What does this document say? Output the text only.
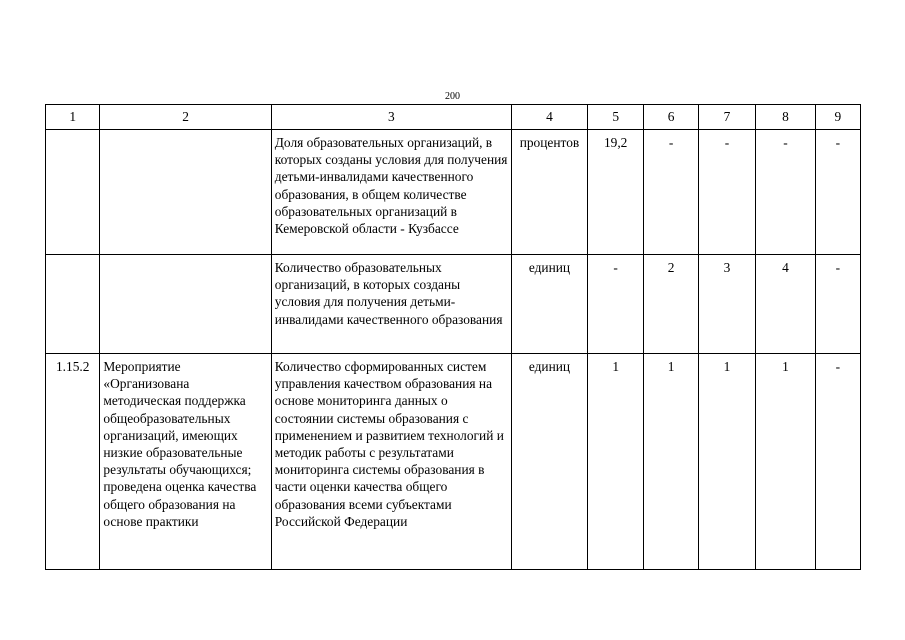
200
1	2	3	4	5	6	7	8	9
		Доля образовательных организаций, в которых созданы условия для получения детьми-инвалидами качественного образования, в общем количестве образовательных организаций в Кемеровской области - Кузбассе	процентов	19,2	-	-	-	-
		Количество образовательных организаций, в которых созданы условия для получения детьми-инвалидами качественного образования	единиц	-	2	3	4	-
1.15.2	Мероприятие «Организована методическая поддержка общеобразовательных организаций, имеющих низкие образовательные результаты обучающихся; проведена оценка качества общего образования на основе практики	Количество сформированных систем управления качеством образования на основе мониторинга данных о состоянии системы образования с применением и развитием технологий и методик работы с результатами мониторинга системы образования в части оценки качества общего образования всеми субъектами Российской Федерации	единиц	1	1	1	1	-
